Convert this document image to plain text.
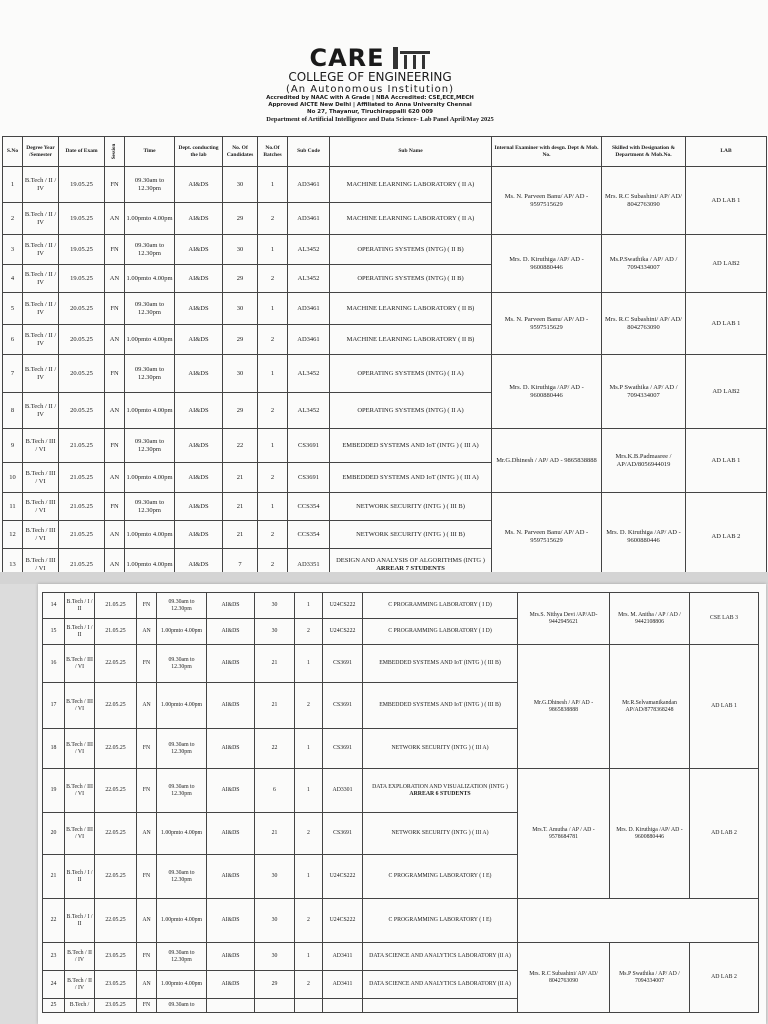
CARE
COLLEGE OF ENGINEERING
(An Autonomous Institution)
Accredited by NAAC with A Grade | NBA Accredited: CSE,ECE,MECH
Approved AICTE New Delhi | Affiliated to Anna University Chennai
No 27, Thayanur, Tiruchirappalli 620 009
Department of Artificial Intelligence and Data Science- Lab Panel April/May 2025
S.No	Degree Year /Semester	Date of Exam	Session	Time	Dept. conducting the lab	No. Of Candidates	No.Of Batches	Sub Code	Sub Name	Internal Examiner with desgn. Dept & Mob. No.	Skilled with Designation & Department & Mob.No.	LAB
1	B.Tech / II / IV	19.05.25	FN	09.30am to 12.30pm	AI&DS	30	1	AD3461	MACHINE LEARNING LABORATORY ( II A)	Ms. N. Parveen Banu/ AP/ AD - 9597515629	Mrs. R.C Subashini/ AP/ AD/ 8042763090	AD LAB 1
2	B.Tech / II / IV	19.05.25	AN	1.00pmto 4.00pm	AI&DS	29	2	AD3461	MACHINE LEARNING LABORATORY ( II A)			
3	B.Tech / II / IV	19.05.25	FN	09.30am to 12.30pm	AI&DS	30	1	AL3452	OPERATING SYSTEMS (INTG) ( II B)	Mrs. D. Kiruthiga /AP/ AD - 9600880446	Ms.P.Swathika / AP/ AD / 7094334007	AD LAB2
4	B.Tech / II / IV	19.05.25	AN	1.00pmto 4.00pm	AI&DS	29	2	AL3452	OPERATING SYSTEMS (INTG) ( II B)			
5	B.Tech / II / IV	20.05.25	FN	09.30am to 12.30pm	AI&DS	30	1	AD3461	MACHINE LEARNING LABORATORY ( II B)	Ms. N. Parveen Banu/ AP/ AD - 9597515629	Mrs. R.C Subashini/ AP/ AD/ 8042763090	AD LAB 1
6	B.Tech / II / IV	20.05.25	AN	1.00pmto 4.00pm	AI&DS	29	2	AD3461	MACHINE LEARNING LABORATORY ( II B)			
7	B.Tech / II / IV	20.05.25	FN	09.30am to 12.30pm	AI&DS	30	1	AL3452	OPERATING SYSTEMS (INTG) ( II A)	Mrs. D. Kiruthiga /AP/ AD - 9600880446	Ms.P Swathika / AP/ AD / 7094334007	AD LAB2
8	B.Tech / II / IV	20.05.25	AN	1.00pmto 4.00pm	AI&DS	29	2	AL3452	OPERATING SYSTEMS (INTG) ( II A)			
9	B.Tech / III / VI	21.05.25	FN	09.30am to 12.30pm	AI&DS	22	1	CS3691	EMBEDDED SYSTEMS AND IoT (INTG ) ( III A)	Mr.G.Dhinesh / AP/ AD - 9865838888	Mrs.K.B.Padmasree / AP/AD/8056944019	AD LAB 1
10	B.Tech / III / VI	21.05.25	AN	1.00pmto 4.00pm	AI&DS	21	2	CS3691	EMBEDDED SYSTEMS AND IoT (INTG ) ( III A)			
11	B.Tech / III / VI	21.05.25	FN	09.30am to 12.30pm	AI&DS	21	1	CCS354	NETWORK SECURITY (INTG ) ( III B)	Ms. N. Parveen Banu/ AP/ AD - 9597515629	Mrs. D. Kiruthiga /AP/ AD - 9600880446	AD LAB 2
12	B.Tech / III / VI	21.05.25	AN	1.00pmto 4.00pm	AI&DS	21	2	CCS354	NETWORK SECURITY (INTG ) ( III B)			
13	B.Tech / III / VI	21.05.25	AN	1.00pmto 4.00pm	AI&DS	7	2	AD3351	DESIGN AND ANALYSIS OF ALGORITHMS (INTG ) ARREAR 7 STUDENTS			
14	B.Tech / I / II	21.05.25	FN	09.30am to 12.30pm	AI&DS	30	1	U24CS222	C PROGRAMMING LABORATORY ( I D)	Mrs.S. Nithya Devi /AP/AD-9442945621	Mrs. M. Anitha / AP / AD / 9442108806	CSE LAB 3	
15	B.Tech / I / II	21.05.25	AN	1.00pmto 4.00pm	AI&DS	30	2	U24CS222	C PROGRAMMING LABORATORY ( I D)				
16	B.Tech / III / VI	22.05.25	FN	09.30am to 12.30pm	AI&DS	21	1	CS3691	EMBEDDED SYSTEMS AND IoT (INTG ) ( III B)	Mr.G.Dhinesh / AP/ AD - 9865838888	Mr.R.Selvamanikandan AP/AD/8778368248	AD LAB 1	
17	B.Tech / III / VI	22.05.25	AN	1.00pmto 4.00pm	AI&DS	21	2	CS3691	EMBEDDED SYSTEMS AND IoT (INTG ) ( III B)				
18	B.Tech / III / VI	22.05.25	FN	09.30am to 12.30pm	AI&DS	22	1	CS3691	NETWORK SECURITY (INTG ) ( III A)				
19	B.Tech / III / VI	22.05.25	FN	09.30am to 12.30pm	AI&DS	6	1	AD3301	DATA EXPLORATION AND VISUALIZATION (INTG ) ARREAR 6 STUDENTS	Mrs.T. Amutha / AP / AD - 9578684781	Mrs. D. Kiruthiga /AP/ AD - 9600880446	AD LAB 2	
20	B.Tech / III / VI	22.05.25	AN	1.00pmto 4.00pm	AI&DS	21	2	CS3691	NETWORK SECURITY (INTG ) ( III A)				
21	B.Tech / I / II	22.05.25	FN	09.30am to 12.30pm	AI&DS	30	1	U24CS222	C PROGRAMMING LABORATORY ( I E)			
22	B.Tech / I / II	22.05.25	AN	1.00pmto 4.00pm	AI&DS	30	2	U24CS222	C PROGRAMMING LABORATORY ( I E)				
23	B.Tech / II / IV	23.05.25	FN	09.30am to 12.30pm	AI&DS	30	1	AD3411	DATA SCIENCE AND ANALYTICS LABORATORY (II A)	Mrs. R.C Subashini/ AP/ AD/ 8042763090	Ms.P Swathika / AP/ AD / 7094334007	AD LAB 2	
24	B.Tech / II / IV	23.05.25	AN	1.00pmto 4.00pm	AI&DS	29	2	AD3411	DATA SCIENCE AND ANALYTICS LABORATORY (II A)				
25	B.Tech /	23.05.25	FN	09.30am to									
